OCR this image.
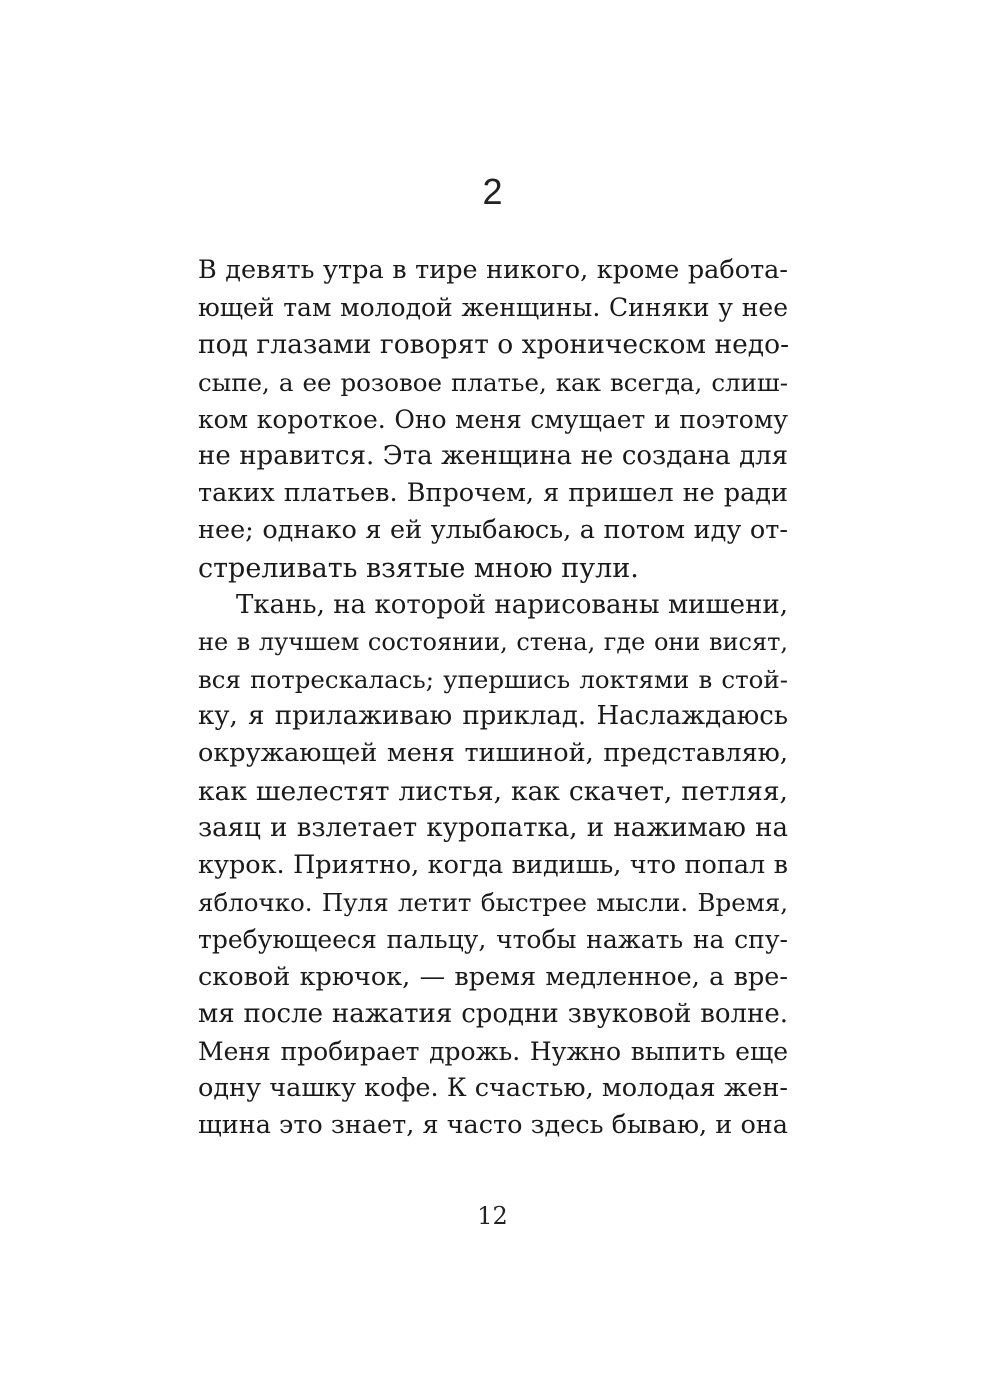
2
В девять утра в тире никого, кроме работа-
ющей там молодой женщины. Синяки у нее
под глазами говорят о хроническом недо-
сыпе, а ее розовое платье, как всегда, слиш-
ком короткое. Оно меня смущает и поэтому
не нравится. Эта женщина не создана для
таких платьев. Впрочем, я пришел не ради
нее; однако я ей улыбаюсь, а потом иду от-
стреливать взятые мною пули.
Ткань, на которой нарисованы мишени,
не в лучшем состоянии, стена, где они висят,
вся потрескалась; упершись локтями в стой-
ку, я прилаживаю приклад. Наслаждаюсь
окружающей меня тишиной, представляю,
как шелестят листья, как скачет, петляя,
заяц и взлетает куропатка, и нажимаю на
курок. Приятно, когда видишь, что попал в
яблочко. Пуля летит быстрее мысли. Время,
требующееся пальцу, чтобы нажать на спу-
сковой крючок, — время медленное, а вре-
мя после нажатия сродни звуковой волне.
Меня пробирает дрожь. Нужно выпить еще
одну чашку кофе. К счастью, молодая жен-
щина это знает, я часто здесь бываю, и она
12
